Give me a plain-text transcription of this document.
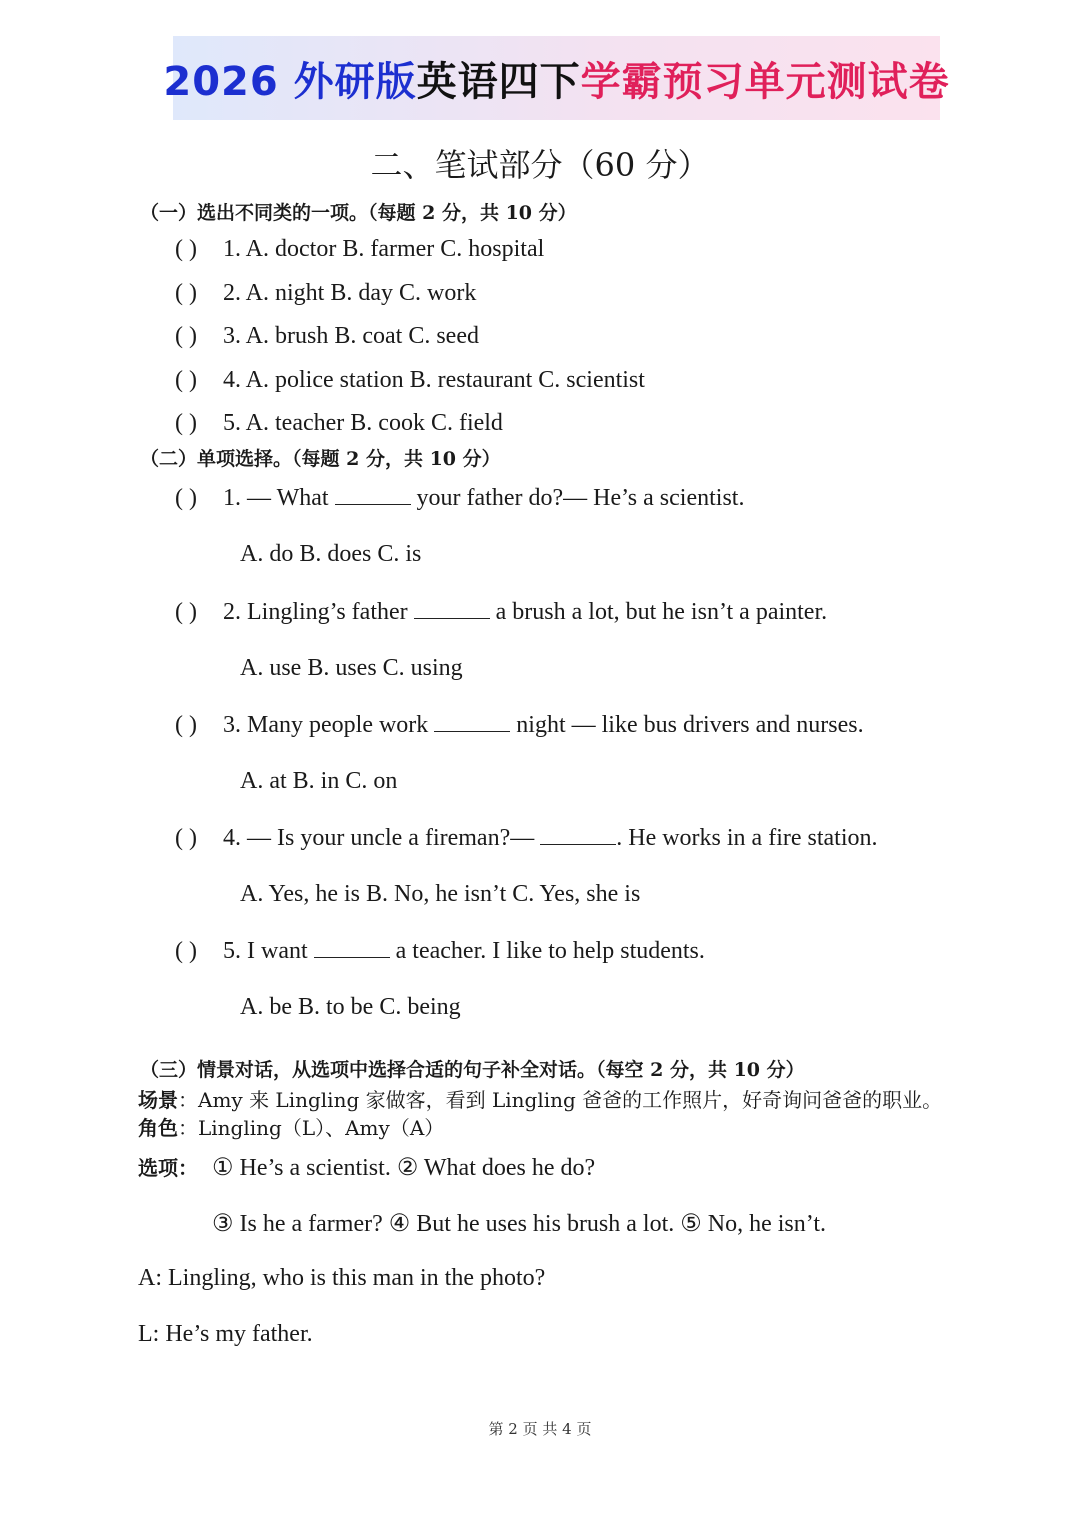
2026 外研版 英语四下 学霸预习单元测试卷
二、笔试部分（60 分）
（一）选出不同类的一项。（每题 2 分，共 10 分）
( ) 1. A. doctor B. farmer C. hospital
( ) 2. A. night B. day C. work
( ) 3. A. brush B. coat C. seed
( ) 4. A. police station B. restaurant C. scientist
( ) 5. A. teacher B. cook C. field
（二）单项选择。（每题 2 分，共 10 分）
( ) 1. — What	your father do?— He’s a scientist.
A. do B. does C. is
( ) 2. Lingling’s father	a brush a lot, but he isn’t a painter.
A. use B. uses C. using
( ) 3. Many people work	night — like bus drivers and nurses.
A. at B. in C. on
( ) 4. — Is your uncle a fireman?—	. He works in a fire station.
A. Yes, he is B. No, he isn’t C. Yes, she is
( ) 5. I want	a teacher. I like to help students.
A. be B. to be C. being
（三）情景对话，从选项中选择合适的句子补全对话。（每空 2 分，共 10 分）
场景：Amy 来 Lingling 家做客，看到 Lingling 爸爸的工作照片，好奇询问爸爸的职业。
角色：Lingling（L）、Amy（A）
选项： ① He’s a scientist. ② What does he do?
③ Is he a farmer? ④ But he uses his brush a lot. ⑤ No, he isn’t.
A: Lingling, who is this man in the photo?
L: He’s my father.
第 2 页 共 4 页
